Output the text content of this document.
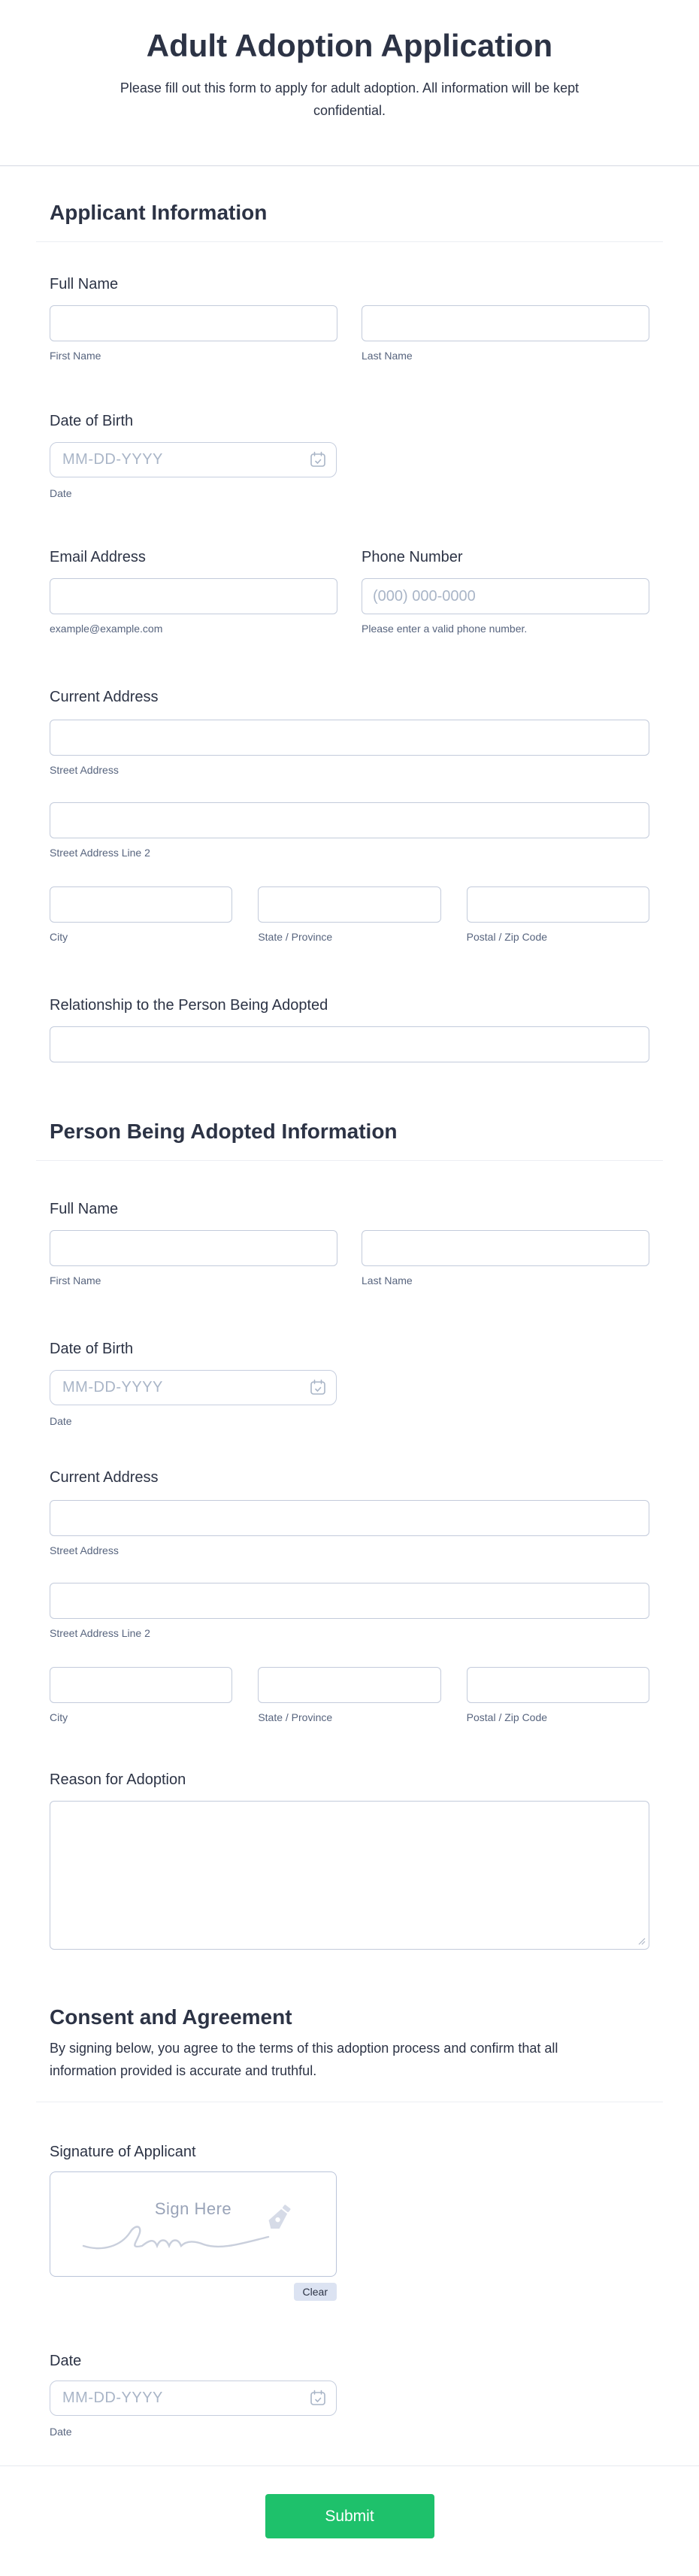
Adult Adoption Application
Please fill out this form to apply for adult adoption. All information will be kept confidential.
Applicant Information
Full Name
First Name	Last Name
Date of Birth
MM-DD-YYYY
Date
Email Address
example@example.com
Phone Number
(000) 000-0000
Please enter a valid phone number.
Current Address
Street Address
Street Address Line 2
City	State / Province	Postal / Zip Code
Relationship to the Person Being Adopted
Person Being Adopted Information
Full Name
First Name	Last Name
Date of Birth
MM-DD-YYYY
Date
Current Address
Street Address
Street Address Line 2
City	State / Province	Postal / Zip Code
Reason for Adoption
Consent and Agreement
By signing below, you agree to the terms of this adoption process and confirm that all information provided is accurate and truthful.
Signature of Applicant
Sign Here
Clear
Date
MM-DD-YYYY
Date
Submit
